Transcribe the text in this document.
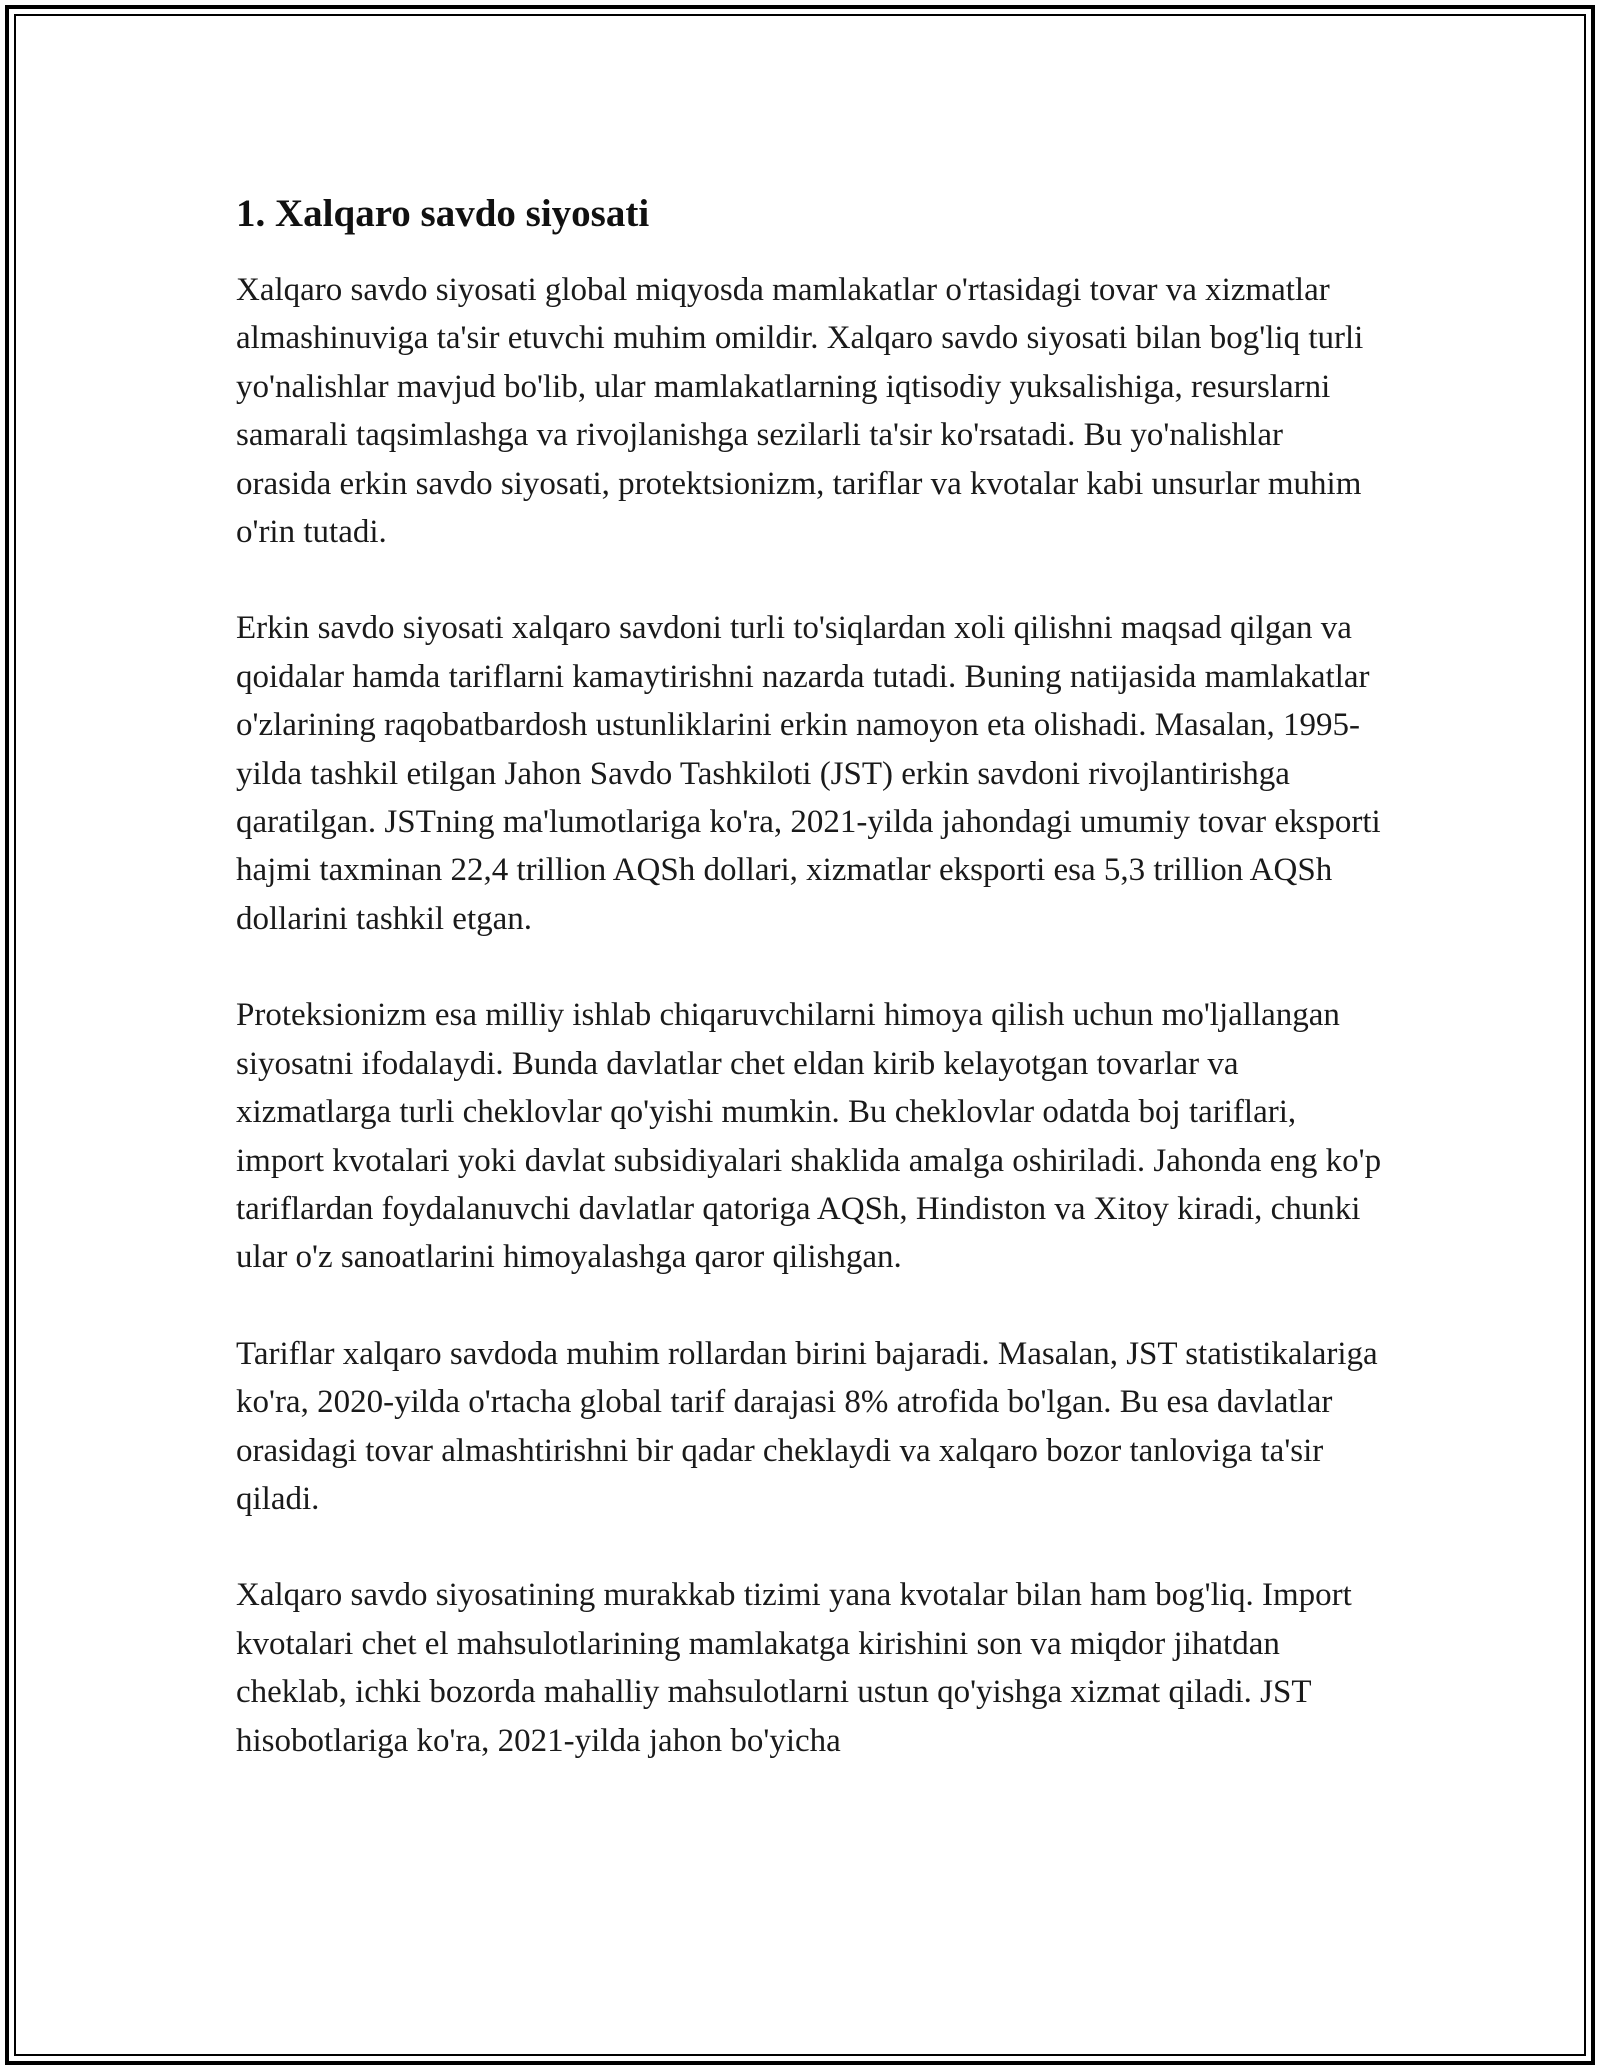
1. Xalqaro savdo siyosati

Xalqaro savdo siyosati global miqyosda mamlakatlar o'rtasidagi tovar va xizmatlar almashinuviga ta'sir etuvchi muhim omildir. Xalqaro savdo siyosati bilan bog'liq turli yo'nalishlar mavjud bo'lib, ular mamlakatlarning iqtisodiy yuksalishiga, resurslarni samarali taqsimlashga va rivojlanishga sezilarli ta'sir ko'rsatadi. Bu yo'nalishlar orasida erkin savdo siyosati, protektsionizm, tariflar va kvotalar kabi unsurlar muhim o'rin tutadi.

Erkin savdo siyosati xalqaro savdoni turli to'siqlardan xoli qilishni maqsad qilgan va qoidalar hamda tariflarni kamaytirishni nazarda tutadi. Buning natijasida mamlakatlar o'zlarining raqobatbardosh ustunliklarini erkin namoyon eta olishadi. Masalan, 1995-yilda tashkil etilgan Jahon Savdo Tashkiloti (JST) erkin savdoni rivojlantirishga qaratilgan. JSTning ma'lumotlariga ko'ra, 2021-yilda jahondagi umumiy tovar eksporti hajmi taxminan 22,4 trillion AQSh dollari, xizmatlar eksporti esa 5,3 trillion AQSh dollarini tashkil etgan.

Proteksionizm esa milliy ishlab chiqaruvchilarni himoya qilish uchun mo'ljallangan siyosatni ifodalaydi. Bunda davlatlar chet eldan kirib kelayotgan tovarlar va xizmatlarga turli cheklovlar qo'yishi mumkin. Bu cheklovlar odatda boj tariflari, import kvotalari yoki davlat subsidiyalari shaklida amalga oshiriladi. Jahonda eng ko'p tariflardan foydalanuvchi davlatlar qatoriga AQSh, Hindiston va Xitoy kiradi, chunki ular o'z sanoatlarini himoyalashga qaror qilishgan.

Tariflar xalqaro savdoda muhim rollardan birini bajaradi. Masalan, JST statistikalariga ko'ra, 2020-yilda o'rtacha global tarif darajasi 8% atrofida bo'lgan. Bu esa davlatlar orasidagi tovar almashtirishni bir qadar cheklaydi va xalqaro bozor tanloviga ta'sir qiladi.

Xalqaro savdo siyosatining murakkab tizimi yana kvotalar bilan ham bog'liq. Import kvotalari chet el mahsulotlarining mamlakatga kirishini son va miqdor jihatdan cheklab, ichki bozorda mahalliy mahsulotlarni ustun qo'yishga xizmat qiladi. JST hisobotlariga ko'ra, 2021-yilda jahon bo'yicha
